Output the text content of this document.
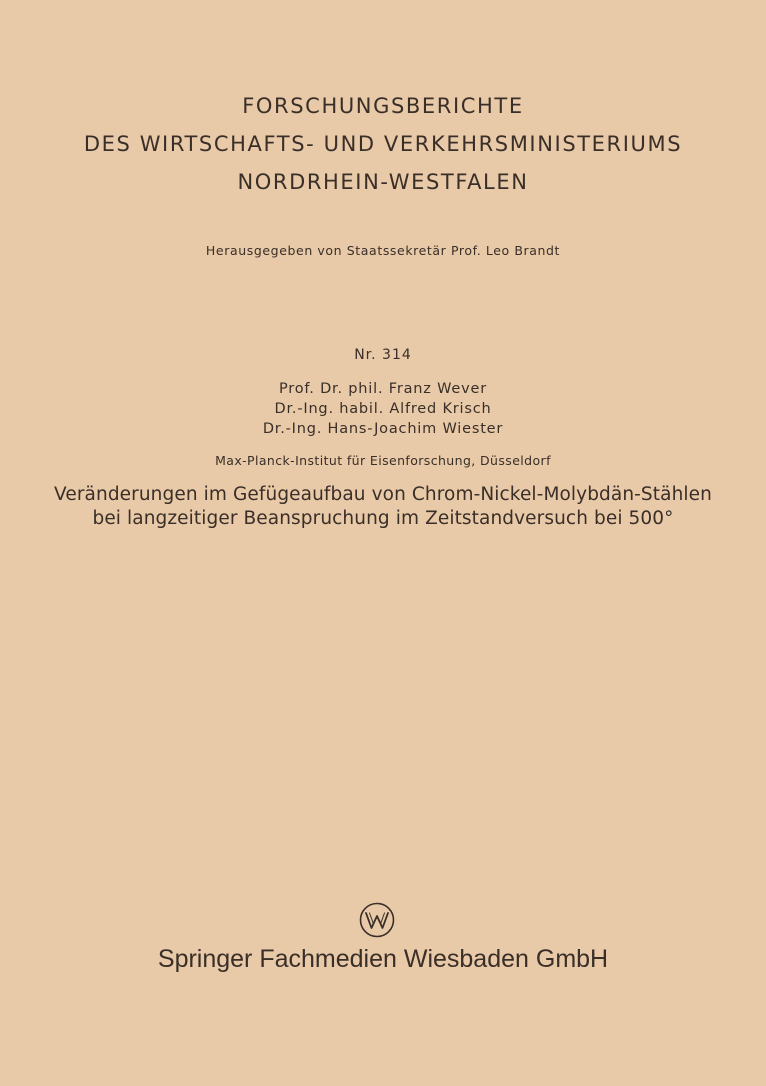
FORSCHUNGSBERICHTE
DES WIRTSCHAFTS- UND VERKEHRSMINISTERIUMS
NORDRHEIN-WESTFALEN
Herausgegeben von Staatssekretär Prof. Leo Brandt
Nr. 314
Prof. Dr. phil. Franz Wever
Dr.-Ing. habil. Alfred Krisch
Dr.-Ing. Hans-Joachim Wiester
Max-Planck-Institut für Eisenforschung, Düsseldorf
Veränderungen im Gefügeaufbau von Chrom-Nickel-Molybdän-Stählen
bei langzeitiger Beanspruchung im Zeitstandversuch bei 500°
Springer Fachmedien Wiesbaden GmbH
